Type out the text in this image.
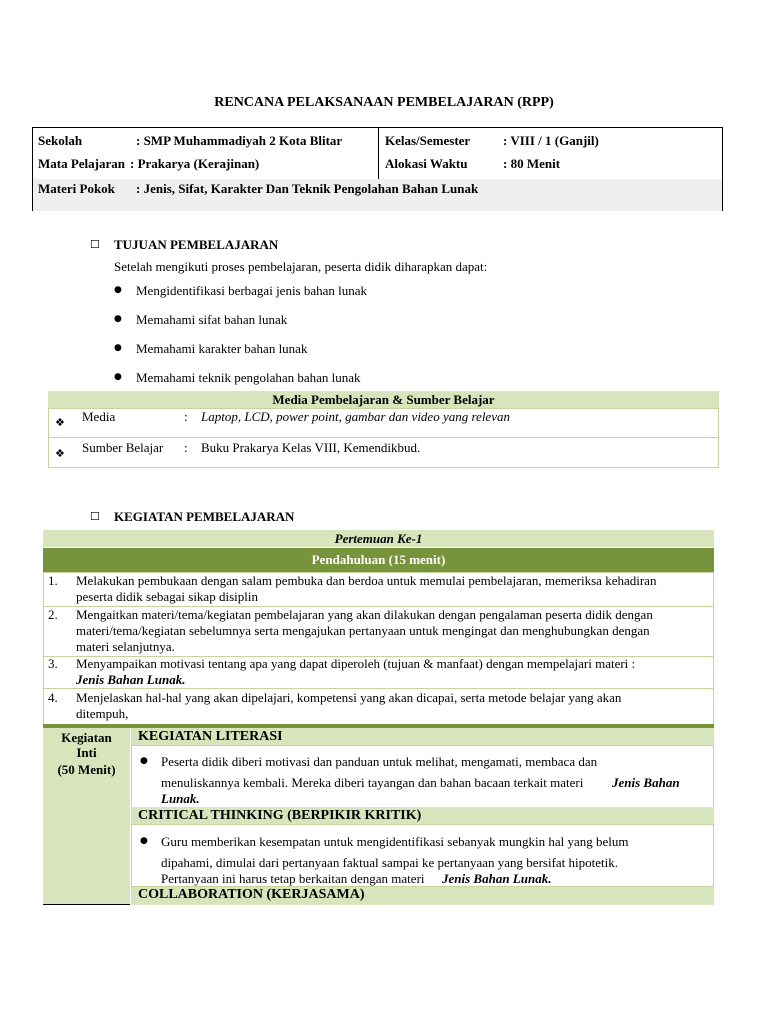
RENCANA PELAKSANAAN PEMBELAJARAN (RPP)
Sekolah	: SMP Muhammadiyah 2 Kota Blitar
Mata Pelajaran : Prakarya (Kerajinan)
Kelas/Semester	: VIII / 1 (Ganjil)
Alokasi Waktu	: 80 Menit
Materi Pokok : Jenis, Sifat, Karakter Dan Teknik Pengolahan Bahan Lunak
☐ TUJUAN PEMBELAJARAN
Setelah mengikuti proses pembelajaran, peserta didik diharapkan dapat:
● Mengidentifikasi berbagai jenis bahan lunak
● Memahami sifat bahan lunak
● Memahami karakter bahan lunak
● Memahami teknik pengolahan bahan lunak
Media Pembelajaran & Sumber Belajar
❖ Media	: Laptop, LCD, power point, gambar dan video yang relevan
❖ Sumber Belajar : Buku Prakarya Kelas VIII, Kemendikbud.
☐ KEGIATAN PEMBELAJARAN
Pertemuan Ke-1
Pendahuluan (15 menit)
1. Melakukan pembukaan dengan salam pembuka dan berdoa untuk memulai pembelajaran, memeriksa kehadiran
peserta didik sebagai sikap disiplin
2. Mengaitkan materi/tema/kegiatan pembelajaran yang akan dilakukan dengan pengalaman peserta didik dengan
materi/tema/kegiatan sebelumnya serta mengajukan pertanyaan untuk mengingat dan menghubungkan dengan
materi selanjutnya.
3. Menyampaikan motivasi tentang apa yang dapat diperoleh (tujuan & manfaat) dengan mempelajari materi :
Jenis Bahan Lunak.
4. Menjelaskan hal-hal yang akan dipelajari, kompetensi yang akan dicapai, serta metode belajar yang akan
ditempuh,
Kegiatan
Inti
(50 Menit)
KEGIATAN LITERASI
● Peserta didik diberi motivasi dan panduan untuk melihat, mengamati, membaca dan
menuliskannya kembali. Mereka diberi tayangan dan bahan bacaan terkait materi Jenis Bahan
Lunak.
CRITICAL THINKING (BERPIKIR KRITIK)
● Guru memberikan kesempatan untuk mengidentifikasi sebanyak mungkin hal yang belum
dipahami, dimulai dari pertanyaan faktual sampai ke pertanyaan yang bersifat hipotetik.
Pertanyaan ini harus tetap berkaitan dengan materi Jenis Bahan Lunak.
COLLABORATION (KERJASAMA)
